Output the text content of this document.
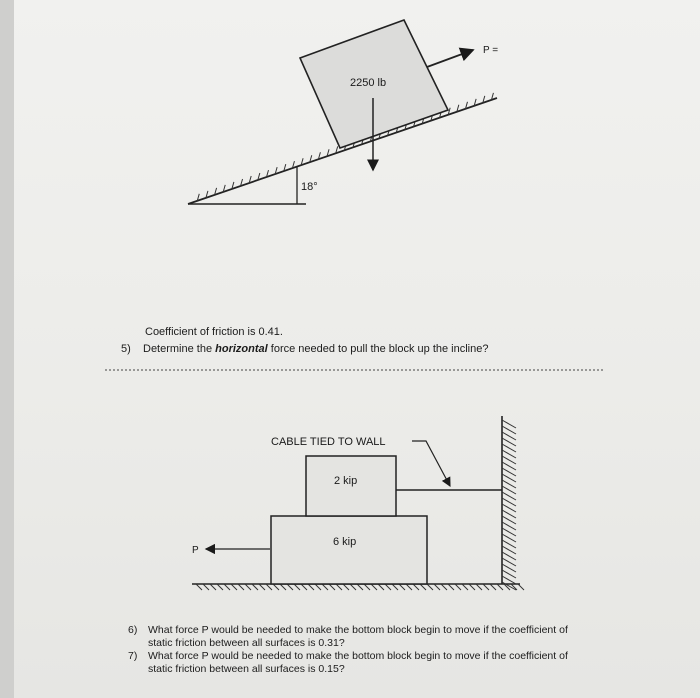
18°
2250 lb
P =
6 kip
2 kip
CABLE TIED TO WALL
P
Coefficient of friction is 0.41.
5) Determine the horizontal force needed to pull the block up the incline?
6) What force P would be needed to make the bottom block begin to move if the coefficient of
static friction between all surfaces is 0.31?
7) What force P would be needed to make the bottom block begin to move if the coefficient of
static friction between all surfaces is 0.15?
